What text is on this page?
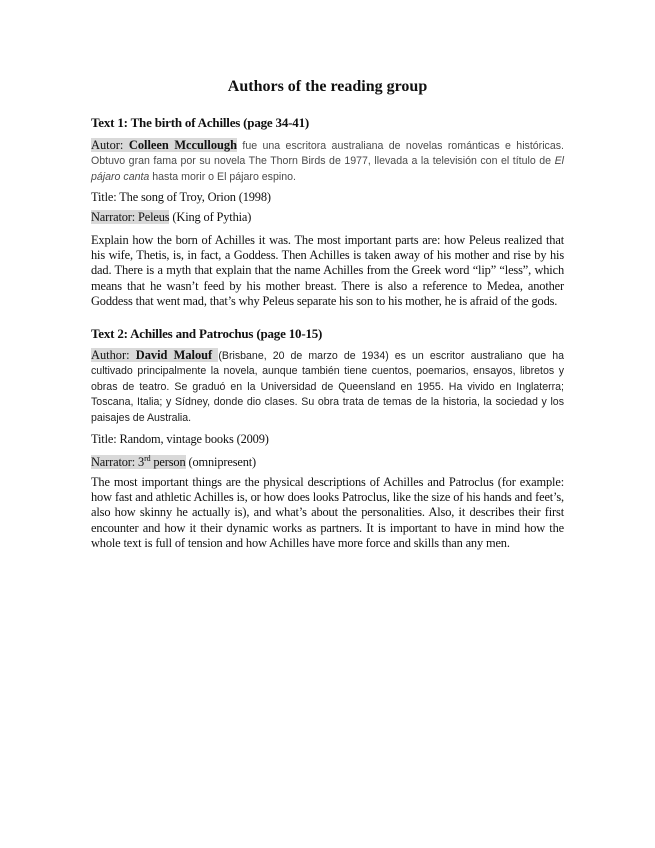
Authors of the reading group

Text 1: The birth of Achilles (page 34-41)

Autor: Colleen Mccullough fue una escritora australiana de novelas románticas e históricas. Obtuvo gran fama por su novela The Thorn Birds de 1977, llevada a la televisión con el título de El pájaro canta hasta morir o El pájaro espino.

Title: The song of Troy, Orion (1998)

Narrator: Peleus (King of Pythia)

Explain how the born of Achilles it was. The most important parts are: how Peleus realized that his wife, Thetis, is, in fact, a Goddess. Then Achilles is taken away of his mother and rise by his dad. There is a myth that explain that the name Achilles from the Greek word “lip” “less”, which means that he wasn’t feed by his mother breast. There is also a reference to Medea, another Goddess that went mad, that’s why Peleus separate his son to his mother, he is afraid of the gods.

Text 2: Achilles and Patrochus (page 10-15)

Author: David Malouf (Brisbane, 20 de marzo de 1934) es un escritor australiano que ha cultivado principalmente la novela, aunque también tiene cuentos, poemarios, ensayos, libretos y obras de teatro. Se graduó en la Universidad de Queensland en 1955. Ha vivido en Inglaterra; Toscana, Italia; y Sídney, donde dio clases. Su obra trata de temas de la historia, la sociedad y los paisajes de Australia.

Title: Random, vintage books (2009)

Narrator: 3rd person (omnipresent)

The most important things are the physical descriptions of Achilles and Patroclus (for example: how fast and athletic Achilles is, or how does looks Patroclus, like the size of his hands and feet’s, also how skinny he actually is), and what’s about the personalities. Also, it describes their first encounter and how it their dynamic works as partners. It is important to have in mind how the whole text is full of tension and how Achilles have more force and skills than any men.
